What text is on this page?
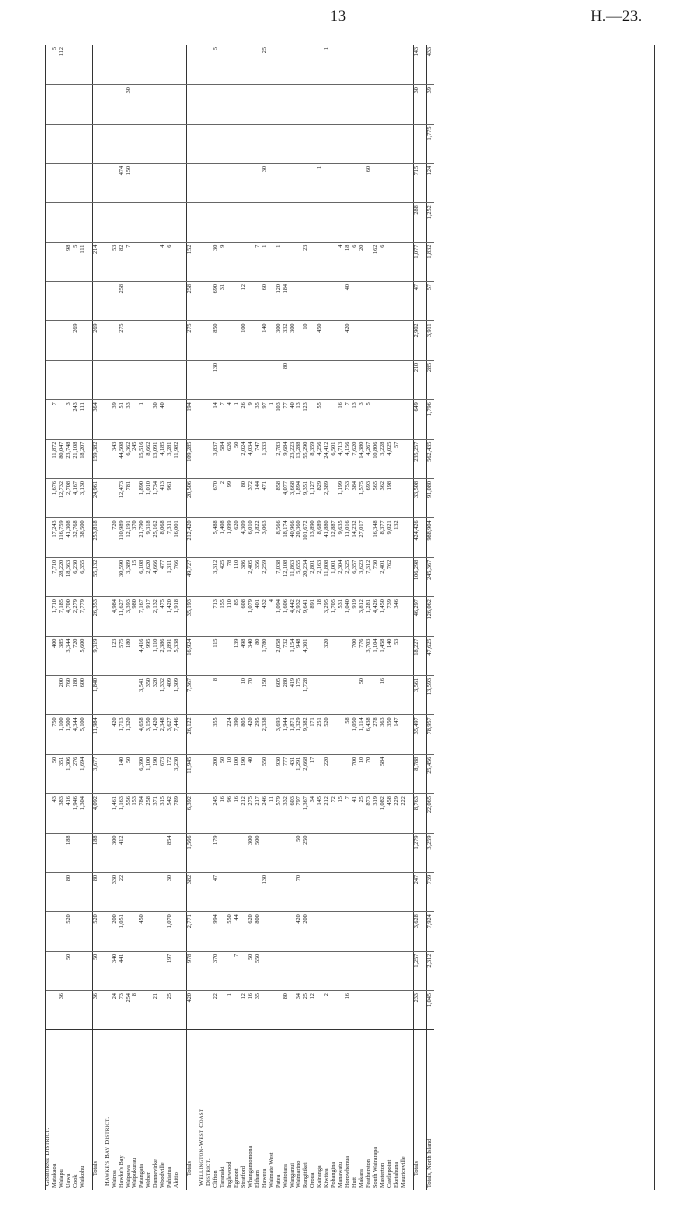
13	H.—23.
Gisborne District.																									
Matakaoa						43	50	750		400	1,710	7,710	17,243	1,676	11,872	7									5
Waiapu	36					383	351	1,100	200	385	7,185	28,220	116,759	12,732	80,047										112
Uawa		50	520	80	188	416	1,306	1,500	760	3,344	4,700	18,363	41,308	2,708	23,748	3				98					
Cook						1,946	276	4,344	180	720	2,279	6,230	32,768	4,167	21,108	243		269		5					
Waikohu						1,304	1,694	5,100	600	5,600	7,779	6,355	38,500	3,130	18,207	111				111					

Totals	36	50	520	80	188	4,092	3,677	11,984	1,840	9,319	26,353	55,132	253,818	24,961	159,382	364		269		214					

Hawke's Bay District.																									
Wairoa	24	340	200	330	300	1,461		420		123	4,984		720		343	39				53					
Hawke's Bay	73	441	1,051	22	412	1,163	140	1,713		575	11,627	30,590	110,989	12,473	44,508	51		275	258	82		474			
Waipawa	254					556	50	1,320		180	3,393	3,389	12,191	781	6,362	33				7		150		30	
Waipukurau	8					153					980	15	370		245										
Patangata			450			784	6,390	4,658	3,541	4,416	7,167	6,108	21,790	1,890	15,516	1									
Weber						258	1,100	3,150	350	995	917	2,620	9,318	1,010	8,662										
Dannevirke	21					371	190	1,420	320	1,110	2,132	4,666	25,162	1,734	13,091	30									
Woodville						315	673	2,348	1,332	2,386	475	477	8,068	413	4,185	40				4					
Pahiatua	25	197	1,070	30	854	542	172	3,627	409	1,891	1,420	1,311	7,311	961	3,281					6					
Akitio						789	3,230	7,446	1,309	5,338	1,918	766	16,001		11,982										

Totals	420	978	2,771	382	1,566	6,392	11,945	26,122	7,367	16,924	35,193	49,727	212,420	20,506	109,285	194		275	258	152					

Wellington-West Coast																									
District.																									
Clifton	22	370	994	47	179	245	200	355	8	115	713	3,312	5,488	670	3,837	14	130	850	690	30					5
Taranaki						16	50				155	425	1,408	2	584	7			31	9					
Inglewood	1		550			96	10	224			110	78	1,099	99	626	4									
Egmont		7	44			16	100	390		139	85	110	620		50	1									
Stratford	12					212	190	805	10	498	608	386	4,309	80	2,024	26		100	12						
Whangamomona	16	50	620		300	275	40	420	70	340	1,079	2,405	6,010	372	4,034	9									
Eltham	35	550	800		500	217		295		80	401	356	1,822	144	747	35				7					
Hawera				130		246	550	2,338	150	1,780	432	2,259	3,063	471	1,333	97		140	60	1		30			25
Waimate West						11					4					1									
Patea						579	930	3,693	605	2,058	1,094	7,038	8,566	858	2,783	103		300	120	1					
Waitotara	80					332	777	1,944	280	732	1,606	12,108	18,174	4,077	9,684	77	80	332	184						
Wanganui						603	431	1,871	419	1,154	4,442	11,863	40,966	3,668	23,223	40		300							
Waimarino	34		420	70	50	797	1,291	1,329	175	948	2,932	5,655	20,360	1,894	13,288	13									
Rangitikei	25		200		250	1,367	2,668	9,382	1,728	4,301	9,641	20,234	101,672	9,351	55,290	123		10		23					
Oroua	12					34	17	171			891	2,801	13,890	1,127	8,359										
Kairanga						145		251			18	2,163	8,689	829	4,256	55		450				1			
Kiwitea	2					212	220	520		320	3,295	11,808	41,880	2,389	24,412										1
Pohangina						72					1,705	1,001	12,887		6,501										
Manawatu						15					531	2,304	9,635	1,199	4,713	16				4					
Horowhenua	16					7		58			1,040	2,325	11,016	753	4,156	7		420	40	18					
Hutt						41	700	1,050		700	919	6,357	14,232	384	7,620	13				6					
Makara						25	10	1,114	50	776	3,812	3,623	27,017	1,575	14,380	3				20					
Featherston						873	70	6,438		3,703	1,281	7,312		693	4,267	5						60			
South Wairarapa						319		278		1,104	4,426	730	16,348	565	10,806					162					
Masterton						1,082	584	363	16	1,458	1,450	2,401	8,377	362	3,228					6					
Castlepoint						458		350		140	739	762	9,021	198	4,025										
Eketahuna						229		147		53	346		132		57										
Mauriceville						222																			

Totals	233	1,257	3,628	247	1,279	8,763	8,788	35,497	3,561	18,227	46,297	106,298	424,426	33,508	235,257	649	210	2,902	47	1,077	288	715		30	143

Totals, North Island	1,045	2,312	7,924	739	3,259	22,065	25,456	78,957	13,593	47,625	126,062	245,367	988,904	91,080	562,435	1,796	285	3,911	57	1,832	1,252	124	1,775	39	433
